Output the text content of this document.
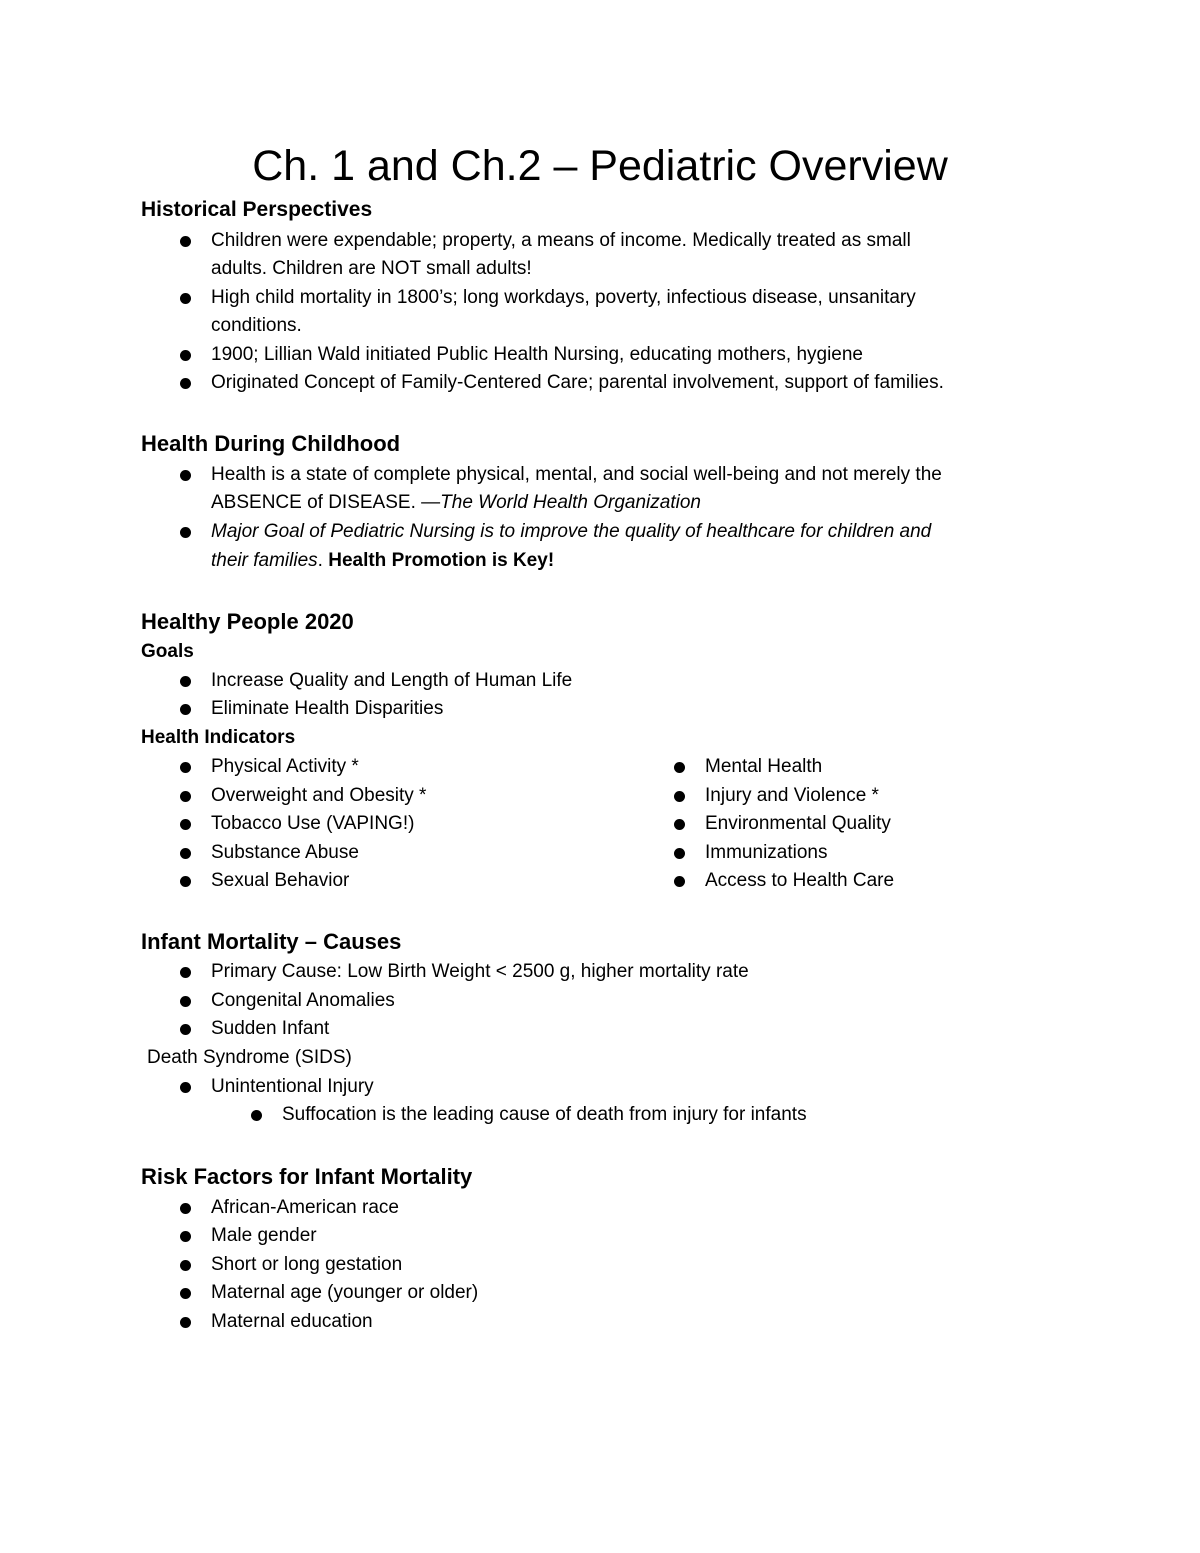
Ch. 1 and Ch.2 – Pediatric Overview
Historical Perspectives
Children were expendable; property, a means of income. Medically treated as small
adults. Children are NOT small adults!
High child mortality in 1800’s; long workdays, poverty, infectious disease, unsanitary
conditions.
1900; Lillian Wald initiated Public Health Nursing, educating mothers, hygiene
Originated Concept of Family-Centered Care; parental involvement, support of families.
Health During Childhood
Health is a state of complete physical, mental, and social well-being and not merely the
ABSENCE of DISEASE. —The World Health Organization
Major Goal of Pediatric Nursing is to improve the quality of healthcare for children and
their families. Health Promotion is Key!
Healthy People 2020
Goals
Increase Quality and Length of Human Life
Eliminate Health Disparities
Health Indicators
Physical Activity *
Overweight and Obesity *
Tobacco Use (VAPING!)
Substance Abuse
Sexual Behavior
Mental Health
Injury and Violence *
Environmental Quality
Immunizations
Access to Health Care
Infant Mortality – Causes
Primary Cause: Low Birth Weight < 2500 g, higher mortality rate
Congenital Anomalies
Sudden Infant
Death Syndrome (SIDS)
Unintentional Injury
Suffocation is the leading cause of death from injury for infants
Risk Factors for Infant Mortality
African-American race
Male gender
Short or long gestation
Maternal age (younger or older)
Maternal education
